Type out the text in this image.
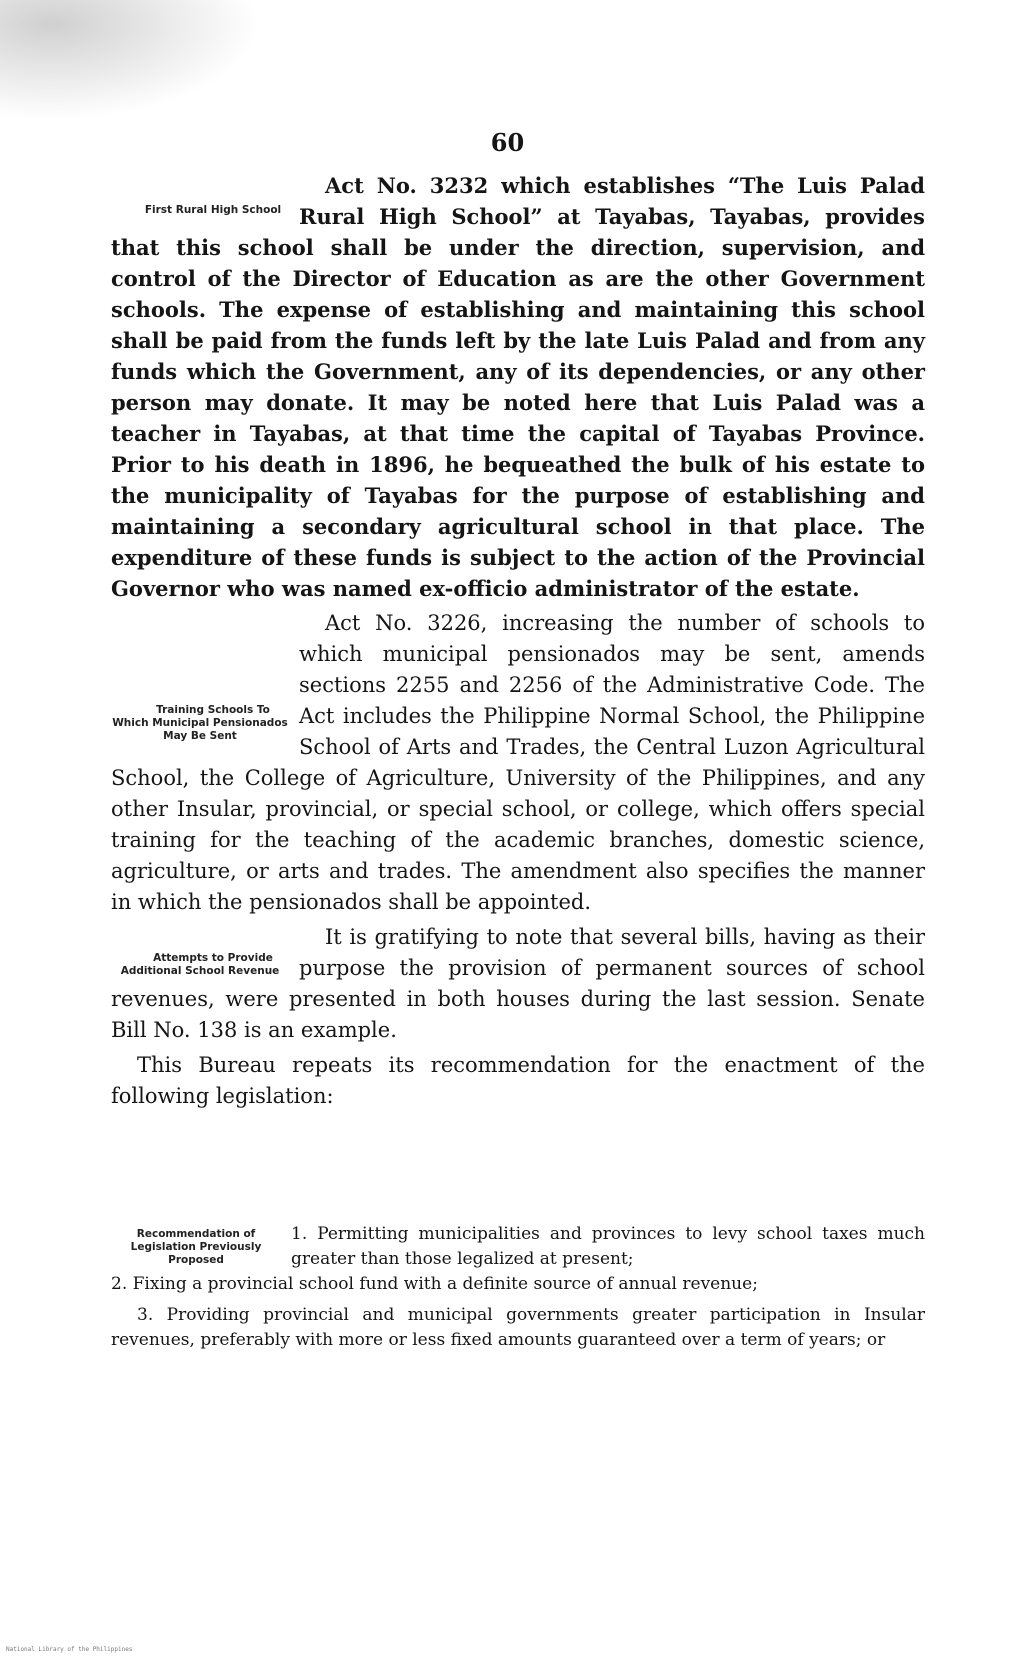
60

First Rural High School
Act No. 3232 which establishes “The Luis Palad Rural High School” at Tayabas, Tayabas, provides that this school shall be under the direction, supervision, and control of the Director of Education as are the other Government schools. The expense of establishing and maintaining this school shall be paid from the funds left by the late Luis Palad and from any funds which the Government, any of its dependencies, or any other person may donate. It may be noted here that Luis Palad was a teacher in Tayabas, at that time the capital of Tayabas Province. Prior to his death in 1896, he bequeathed the bulk of his estate to the municipality of Tayabas for the purpose of establishing and maintaining a secondary agricultural school in that place. The expenditure of these funds is subject to the action of the Provincial Governor who was named ex-officio administrator of the estate.

Training Schools To Which Municipal Pensionados May Be Sent
Act No. 3226, increasing the number of schools to which municipal pensionados may be sent, amends sections 2255 and 2256 of the Administrative Code. The Act includes the Philippine Normal School, the Philippine School of Arts and Trades, the Central Luzon Agricultural School, the College of Agriculture, University of the Philippines, and any other Insular, provincial, or special school, or college, which offers special training for the teaching of the academic branches, domestic science, agriculture, or arts and trades. The amendment also specifies the manner in which the pensionados shall be appointed.

Attempts to Provide Additional School Revenue
It is gratifying to note that several bills, having as their purpose the provision of permanent sources of school revenues, were presented in both houses during the last session. Senate Bill No. 138 is an example.

This Bureau repeats its recommendation for the enactment of the following legislation:

Recommendation of Legislation Previously Proposed
1. Permitting municipalities and provinces to levy school taxes much greater than those legalized at present;
2. Fixing a provincial school fund with a definite source of annual revenue;

3. Providing provincial and municipal governments greater participation in Insular revenues, preferably with more or less fixed amounts guaranteed over a term of years; or

National Library of the Philippines
